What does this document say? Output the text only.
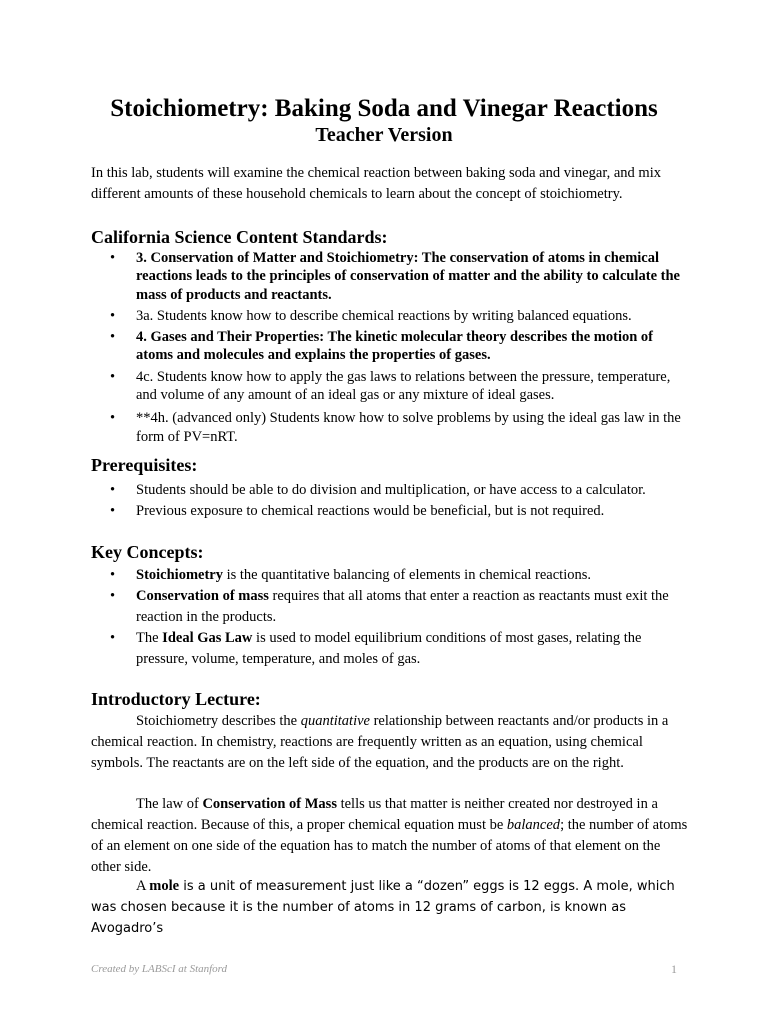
Stoichiometry: Baking Soda and Vinegar Reactions
Teacher Version
In this lab, students will examine the chemical reaction between baking soda and vinegar, and mix different amounts of these household chemicals to learn about the concept of stoichiometry.
California Science Content Standards:
• 3. Conservation of Matter and Stoichiometry: The conservation of atoms in chemical reactions leads to the principles of conservation of matter and the ability to calculate the mass of products and reactants.
• 3a. Students know how to describe chemical reactions by writing balanced equations.
• 4. Gases and Their Properties: The kinetic molecular theory describes the motion of atoms and molecules and explains the properties of gases.
• 4c. Students know how to apply the gas laws to relations between the pressure, temperature, and volume of any amount of an ideal gas or any mixture of ideal gases.
• **4h. (advanced only) Students know how to solve problems by using the ideal gas law in the form of PV=nRT.
Prerequisites:
• Students should be able to do division and multiplication, or have access to a calculator.
• Previous exposure to chemical reactions would be beneficial, but is not required.
Key Concepts:
• Stoichiometry is the quantitative balancing of elements in chemical reactions.
• Conservation of mass requires that all atoms that enter a reaction as reactants must exit the reaction in the products.
• The Ideal Gas Law is used to model equilibrium conditions of most gases, relating the pressure, volume, temperature, and moles of gas.
Introductory Lecture:
Stoichiometry describes the quantitative relationship between reactants and/or products in a chemical reaction. In chemistry, reactions are frequently written as an equation, using chemical symbols. The reactants are on the left side of the equation, and the products are on the right.
The law of Conservation of Mass tells us that matter is neither created nor destroyed in a chemical reaction. Because of this, a proper chemical equation must be balanced; the number of atoms of an element on one side of the equation has to match the number of atoms of that element on the other side.
A mole is a unit of measurement just like a “dozen” eggs is 12 eggs. A mole, which was chosen because it is the number of atoms in 12 grams of carbon, is known as Avogadro’s
Created by LABScI at Stanford	1
